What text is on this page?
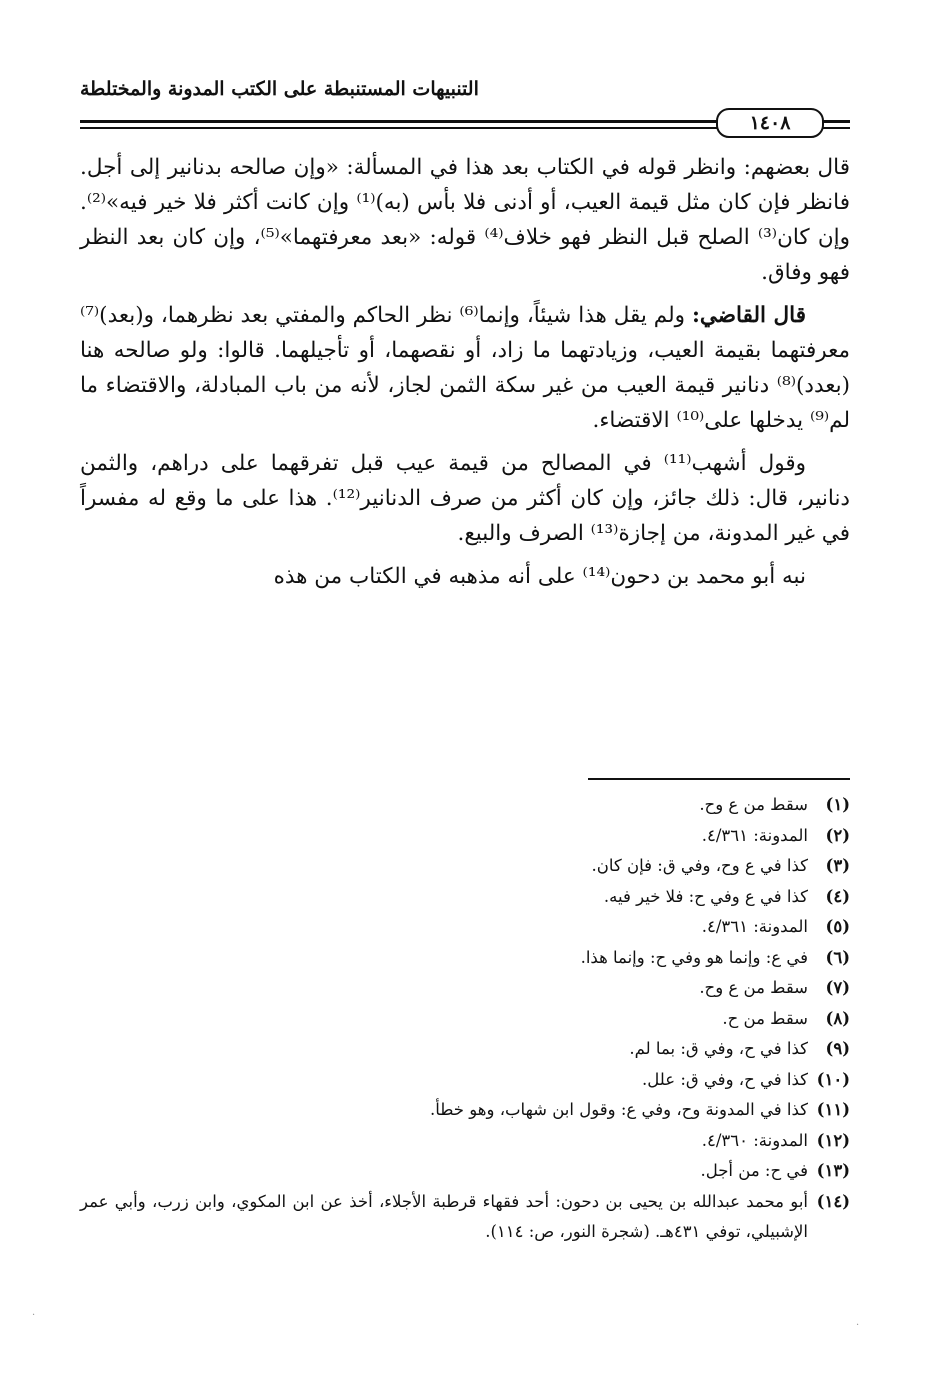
التنبيهات المستنبطة على الكتب المدونة والمختلطة
١٤٠٨

قال بعضهم: وانظر قوله في الكتاب بعد هذا في المسألة: «وإن صالحه بدنانير إلى أجل. فانظر فإن كان مثل قيمة العيب، أو أدنى فلا بأس (به)⁽¹⁾ وإن كانت أكثر فلا خير فيه»⁽²⁾. وإن كان⁽³⁾ الصلح قبل النظر فهو خلاف⁽⁴⁾ قوله: «بعد معرفتهما»⁽⁵⁾، وإن كان بعد النظر فهو وفاق.

قال القاضي: ولم يقل هذا شيئاً، وإنما⁽⁶⁾ نظر الحاكم والمفتي بعد نظرهما، و(بعد)⁽⁷⁾ معرفتهما بقيمة العيب، وزيادتهما ما زاد، أو نقصهما، أو تأجيلهما. قالوا: ولو صالحه هنا (بعدد)⁽⁸⁾ دنانير قيمة العيب من غير سكة الثمن لجاز، لأنه من باب المبادلة، والاقتضاء ما لم⁽⁹⁾ يدخلها على⁽¹⁰⁾ الاقتضاء.

وقول أشهب⁽¹¹⁾ في المصالح من قيمة عيب قبل تفرقهما على دراهم، والثمن دنانير، قال: ذلك جائز، وإن كان أكثر من صرف الدنانير⁽¹²⁾. هذا على ما وقع له مفسراً في غير المدونة، من إجازة⁽¹³⁾ الصرف والبيع.

نبه أبو محمد بن دحون⁽¹⁴⁾ على أنه مذهبه في الكتاب من هذه

(١)
سقط من ع وح.
(٢)
المدونة: ٤/٣٦١.
(٣)
كذا في ع وح، وفي ق: فإن كان.
(٤)
كذا في ع وفي ح: فلا خير فيه.
(٥)
المدونة: ٤/٣٦١.
(٦)
في ع: وإنما هو وفي ح: وإنما هذا.
(٧)
سقط من ع وح.
(٨)
سقط من ح.
(٩)
كذا في ح، وفي ق: بما لم.
(١٠)
كذا في ح، وفي ق: علل.
(١١)
كذا في المدونة وح، وفي ع: وقول ابن شهاب، وهو خطأ.
(١٢)
المدونة: ٤/٣٦٠.
(١٣)
في ح: من أجل.
(١٤)
أبو محمد عبدالله بن يحيى بن دحون: أحد فقهاء قرطبة الأجلاء، أخذ عن ابن المكوي، وابن زرب، وأبي عمر الإشبيلي، توفي ٤٣١هـ. (شجرة النور، ص: ١١٤).
·
·
